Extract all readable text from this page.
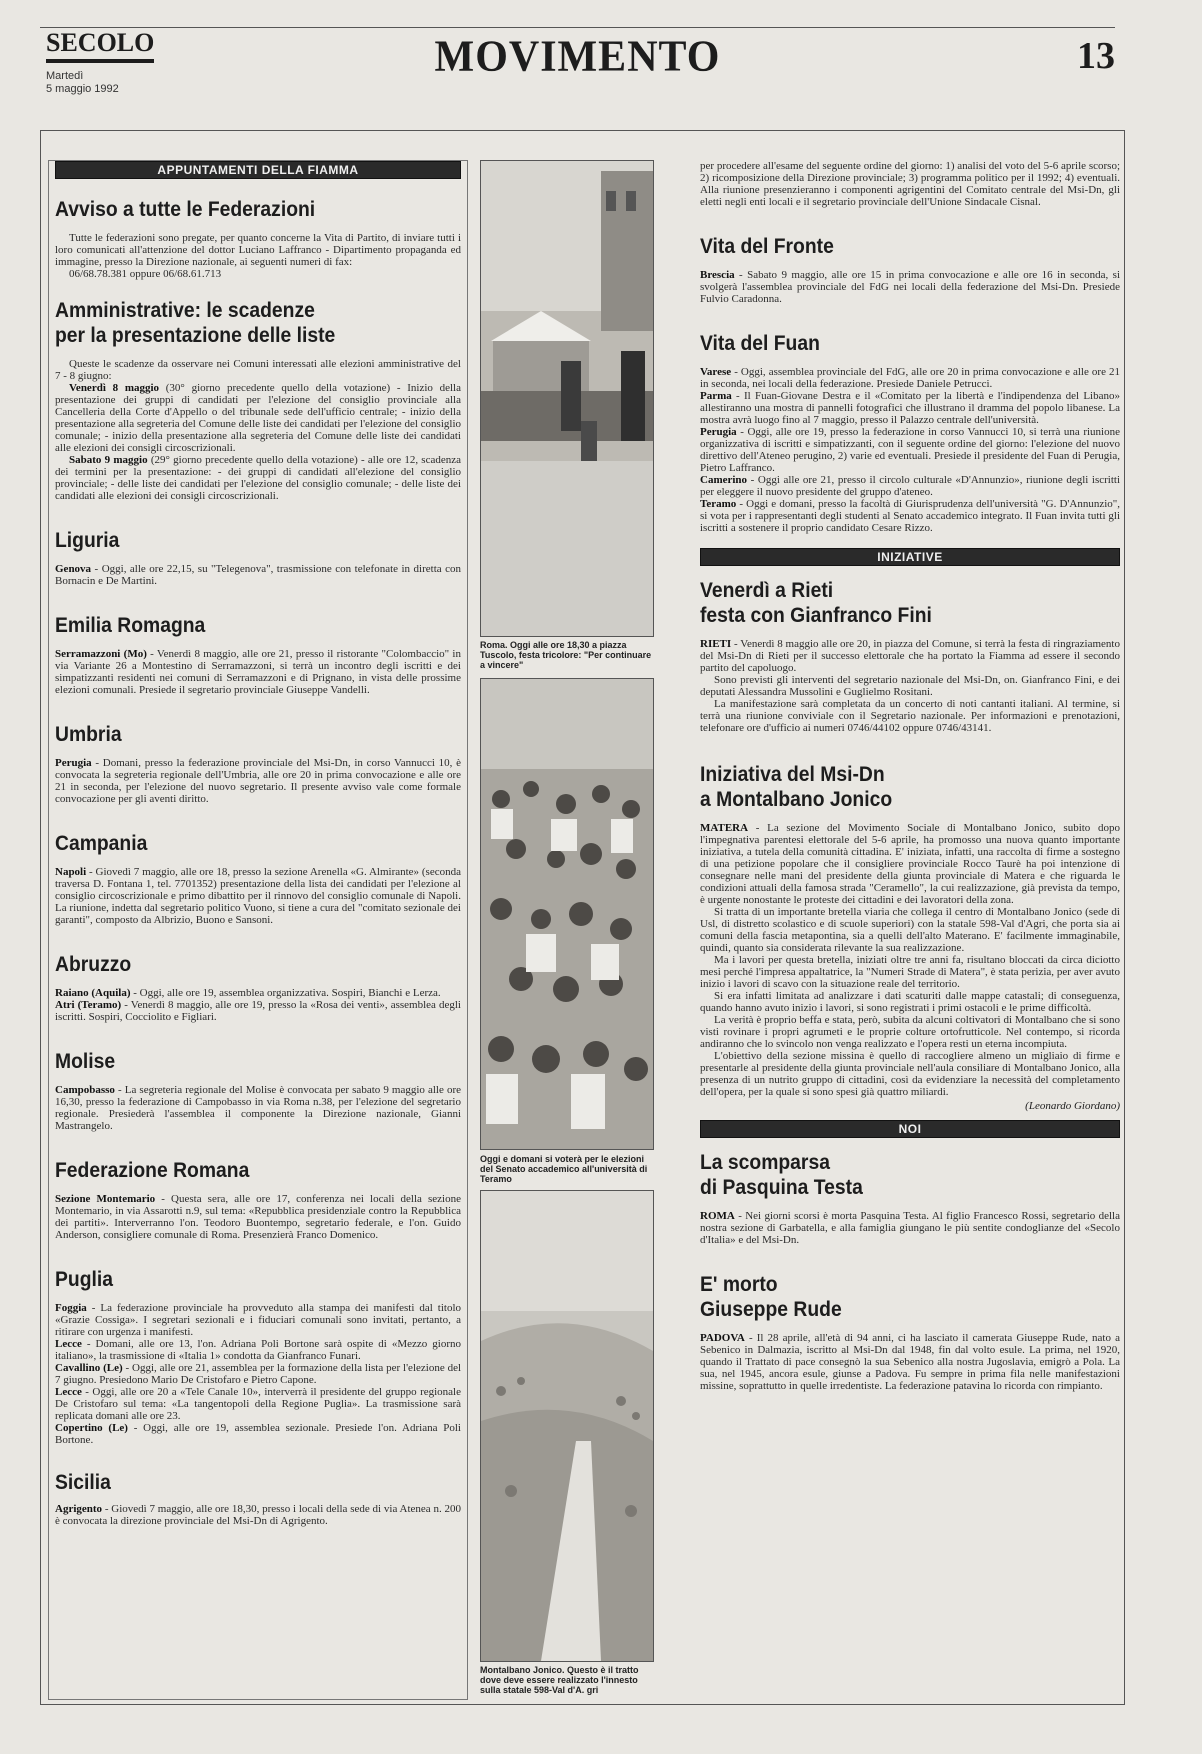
SECOLO
Martedì
5 maggio 1992
MOVIMENTO	13
APPUNTAMENTI DELLA FIAMMA
Avviso a tutte le Federazioni

Tutte le federazioni sono pregate, per quanto concerne la Vita di Partito, di inviare tutti i loro comunicati all'attenzione del dottor Luciano Laffranco - Dipartimento propaganda ed immagine, presso la Direzione nazionale, ai seguenti numeri di fax:

06/68.78.381 oppure 06/68.61.713

Amministrative: le scadenze
per la presentazione delle liste

Queste le scadenze da osservare nei Comuni interessati alle elezioni amministrative del 7 - 8 giugno:

Venerdì 8 maggio (30° giorno precedente quello della votazione) - Inizio della presentazione dei gruppi di candidati per l'elezione del consiglio provinciale alla Cancelleria della Corte d'Appello o del tribunale sede dell'ufficio centrale; - inizio della presentazione alla segreteria del Comune delle liste dei candidati per l'elezione del consiglio comunale; - inizio della presentazione alla segreteria del Comune delle liste dei candidati alle elezioni dei consigli circoscrizionali.

Sabato 9 maggio (29° giorno precedente quello della votazione) - alle ore 12, scadenza dei termini per la presentazione: - dei gruppi di candidati all'elezione del consiglio provinciale; - delle liste dei candidati per l'elezione del consiglio comunale; - delle liste dei candidati alle elezioni dei consigli circoscrizionali.

Liguria

Genova - Oggi, alle ore 22,15, su "Telegenova", trasmissione con telefonate in diretta con Bornacin e De Martini.

Emilia Romagna

Serramazzoni (Mo) - Venerdì 8 maggio, alle ore 21, presso il ristorante "Colombaccio" in via Variante 26 a Montestino di Serramazzoni, si terrà un incontro degli iscritti e dei simpatizzanti residenti nei comuni di Serramazzoni e di Prignano, in vista delle prossime elezioni comunali. Presiede il segretario provinciale Giuseppe Vandelli.

Umbria

Perugia - Domani, presso la federazione provinciale del Msi-Dn, in corso Vannucci 10, è convocata la segreteria regionale dell'Umbria, alle ore 20 in prima convocazione e alle ore 21 in seconda, per l'elezione del nuovo segretario. Il presente avviso vale come formale convocazione per gli aventi diritto.

Campania

Napoli - Giovedì 7 maggio, alle ore 18, presso la sezione Arenella «G. Almirante» (seconda traversa D. Fontana 1, tel. 7701352) presentazione della lista dei candidati per l'elezione al consiglio circoscrizionale e primo dibattito per il rinnovo del consiglio comunale di Napoli. La riunione, indetta dal segretario politico Vuono, si tiene a cura del "comitato sezionale dei garanti", composto da Albrizio, Buono e Sansoni.

Abruzzo

Raiano (Aquila) - Oggi, alle ore 19, assemblea organizzativa. Sospiri, Bianchi e Lerza.

Atri (Teramo) - Venerdì 8 maggio, alle ore 19, presso la «Rosa dei venti», assemblea degli iscritti. Sospiri, Cocciolito e Figliari.

Molise

Campobasso - La segreteria regionale del Molise è convocata per sabato 9 maggio alle ore 16,30, presso la federazione di Campobasso in via Roma n.38, per l'elezione del segretario regionale. Presiederà l'assemblea il componente la Direzione nazionale, Gianni Mastrangelo.

Federazione Romana

Sezione Montemario - Questa sera, alle ore 17, conferenza nei locali della sezione Montemario, in via Assarotti n.9, sul tema: «Repubblica presidenziale contro la Repubblica dei partiti». Interverranno l'on. Teodoro Buontempo, segretario federale, e l'on. Guido Anderson, consigliere comunale di Roma. Presenzierà Franco Domenico.

Puglia

Foggia - La federazione provinciale ha provveduto alla stampa dei manifesti dal titolo «Grazie Cossiga». I segretari sezionali e i fiduciari comunali sono invitati, pertanto, a ritirare con urgenza i manifesti.

Lecce - Domani, alle ore 13, l'on. Adriana Poli Bortone sarà ospite di «Mezzo giorno italiano», la trasmissione di «Italia 1» condotta da Gianfranco Funari.

Cavallino (Le) - Oggi, alle ore 21, assemblea per la formazione della lista per l'elezione del 7 giugno. Presiedono Mario De Cristofaro e Pietro Capone.

Lecce - Oggi, alle ore 20 a «Tele Canale 10», interverrà il presidente del gruppo regionale De Cristofaro sul tema: «La tangentopoli della Regione Puglia». La trasmissione sarà replicata domani alle ore 23.

Copertino (Le) - Oggi, alle ore 19, assemblea sezionale. Presiede l'on. Adriana Poli Bortone.

Sicilia

Agrigento - Giovedì 7 maggio, alle ore 18,30, presso i locali della sede di via Atenea n. 200 è convocata la direzione provinciale del Msi-Dn di Agrigento.

Roma. Oggi alle ore 18,30 a piazza Tuscolo, festa tricolore: "Per continuare a vincere"
Oggi e domani si voterà per le elezioni del Senato accademico all'università di Teramo
Montalbano Jonico. Questo è il tratto dove deve essere realizzato l'innesto sulla statale 598-Val d'A. gri

per procedere all'esame del seguente ordine del giorno: 1) analisi del voto del 5-6 aprile scorso; 2) ricomposizione della Direzione provinciale; 3) programma politico per il 1992; 4) eventuali. Alla riunione presenzieranno i componenti agrigentini del Comitato centrale del Msi-Dn, gli eletti negli enti locali e il segretario provinciale dell'Unione Sindacale Cisnal.

Vita del Fronte

Brescia - Sabato 9 maggio, alle ore 15 in prima convocazione e alle ore 16 in seconda, si svolgerà l'assemblea provinciale del FdG nei locali della federazione del Msi-Dn. Presiede Fulvio Caradonna.

Vita del Fuan

Varese - Oggi, assemblea provinciale del FdG, alle ore 20 in prima convocazione e alle ore 21 in seconda, nei locali della federazione. Presiede Daniele Petrucci.

Parma - Il Fuan-Giovane Destra e il «Comitato per la libertà e l'indipendenza del Libano» allestiranno una mostra di pannelli fotografici che illustrano il dramma del popolo libanese. La mostra avrà luogo fino al 7 maggio, presso il Palazzo centrale dell'università.

Perugia - Oggi, alle ore 19, presso la federazione in corso Vannucci 10, si terrà una riunione organizzativa di iscritti e simpatizzanti, con il seguente ordine del giorno: l'elezione del nuovo direttivo dell'Ateneo perugino, 2) varie ed eventuali. Presiede il presidente del Fuan di Perugia, Pietro Laffranco.

Camerino - Oggi alle ore 21, presso il circolo culturale «D'Annunzio», riunione degli iscritti per eleggere il nuovo presidente del gruppo d'ateneo.

Teramo - Oggi e domani, presso la facoltà di Giurisprudenza dell'università "G. D'Annunzio", si vota per i rappresentanti degli studenti al Senato accademico integrato. Il Fuan invita tutti gli iscritti a sostenere il proprio candidato Cesare Rizzo.

INIZIATIVE
Venerdì a Rieti
festa con Gianfranco Fini

RIETI - Venerdì 8 maggio alle ore 20, in piazza del Comune, si terrà la festa di ringraziamento del Msi-Dn di Rieti per il successo elettorale che ha portato la Fiamma ad essere il secondo partito del capoluogo.

Sono previsti gli interventi del segretario nazionale del Msi-Dn, on. Gianfranco Fini, e dei deputati Alessandra Mussolini e Guglielmo Rositani.

La manifestazione sarà completata da un concerto di noti cantanti italiani. Al termine, si terrà una riunione conviviale con il Segretario nazionale. Per informazioni e prenotazioni, telefonare ore d'ufficio ai numeri 0746/44102 oppure 0746/43141.

Iniziativa del Msi-Dn
a Montalbano Jonico

MATERA - La sezione del Movimento Sociale di Montalbano Jonico, subito dopo l'impegnativa parentesi elettorale del 5-6 aprile, ha promosso una nuova quanto importante iniziativa, a tutela della comunità cittadina. E' iniziata, infatti, una raccolta di firme a sostegno di una petizione popolare che il consigliere provinciale Rocco Taurè ha poi intenzione di consegnare nelle mani del presidente della giunta provinciale di Matera e che riguarda le condizioni attuali della famosa strada "Ceramello", la cui realizzazione, già prevista da tempo, è urgente nonostante le proteste dei cittadini e dei lavoratori della zona.

Si tratta di un importante bretella viaria che collega il centro di Montalbano Jonico (sede di Usl, di distretto scolastico e di scuole superiori) con la statale 598-Val d'Agri, che porta sia ai comuni della fascia metapontina, sia a quelli dell'alto Materano. E' facilmente immaginabile, quindi, quanto sia considerata rilevante la sua realizzazione.

Ma i lavori per questa bretella, iniziati oltre tre anni fa, risultano bloccati da circa diciotto mesi perché l'impresa appaltatrice, la "Numeri Strade di Matera", è stata perizia, per aver avuto inizio i lavori di scavo con la situazione reale del territorio.

Si era infatti limitata ad analizzare i dati scaturiti dalle mappe catastali; di conseguenza, quando hanno avuto inizio i lavori, si sono registrati i primi ostacoli e le prime difficoltà.

La verità è proprio beffa e stata, però, subita da alcuni coltivatori di Montalbano che si sono visti rovinare i propri agrumeti e le proprie colture ortofrutticole. Nel contempo, si ricorda andiranno che lo svincolo non venga realizzato e l'opera resti un eterna incompiuta.

L'obiettivo della sezione missina è quello di raccogliere almeno un migliaio di firme e presentarle al presidente della giunta provinciale nell'aula consiliare di Montalbano Jonico, alla presenza di un nutrito gruppo di cittadini, così da evidenziare la necessità del completamento dell'opera, per la quale si sono spesi già quattro miliardi.

(Leonardo Giordano)
NOI
La scomparsa
di Pasquina Testa

ROMA - Nei giorni scorsi è morta Pasquina Testa. Al figlio Francesco Rossi, segretario della nostra sezione di Garbatella, e alla famiglia giungano le più sentite condoglianze del «Secolo d'Italia» e del Msi-Dn.

E' morto
Giuseppe Rude

PADOVA - Il 28 aprile, all'età di 94 anni, ci ha lasciato il camerata Giuseppe Rude, nato a Sebenico in Dalmazia, iscritto al Msi-Dn dal 1948, fin dal volto esule. La prima, nel 1920, quando il Trattato di pace consegnò la sua Sebenico alla nostra Jugoslavia, emigrò a Pola. La sua, nel 1945, ancora esule, giunse a Padova. Fu sempre in prima fila nelle manifestazioni missine, soprattutto in quelle irredentiste. La federazione patavina lo ricorda con rimpianto.
